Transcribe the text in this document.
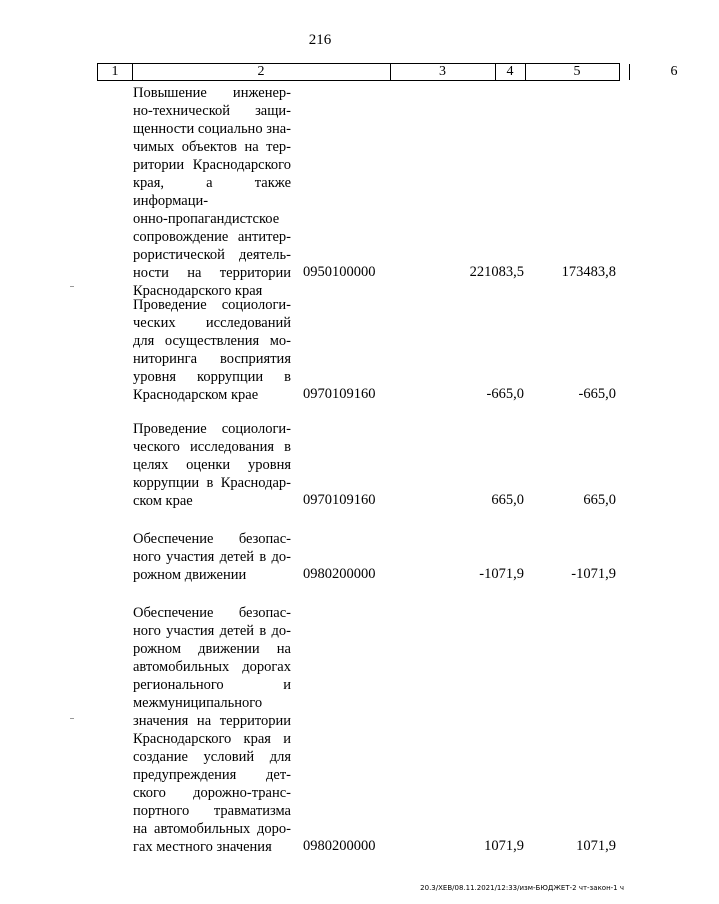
216
1	2	3	4	5	6
Повышение инженер-
но-технической защи-
щенности социально зна-
чимых объектов на тер-
ритории Краснодарского
края, а также информаци-
онно-пропагандистское
сопровождение антитер-
рористической деятель-
ности на территории
Краснодарского края
0950100000	221083,5	173483,8
Проведение социологи-
ческих исследований
для осуществления мо-
ниторинга восприятия
уровня коррупции в
Краснодарском крае	0970109160	-665,0	-665,0
Проведение социологи-
ческого исследования в
целях оценки уровня
коррупции в Краснодар-
ском крае	0970109160	665,0	665,0
Обеспечение безопас-
ного участия детей в до-
рожном движении	0980200000	-1071,9	-1071,9
Обеспечение безопас-
ного участия детей в до-
рожном движении на
автомобильных дорогах
регионального и
межмуниципального
значения на территории
Краснодарского края и
создание условий для
предупреждения дет-
ского дорожно-транс-
портного травматизма
на автомобильных доро-
гах местного значения	0980200000	1071,9	1071,9
20.3/ХЕВ/08.11.2021/12:33/изм-БЮДЖЕТ-2 чт-закон-1 ч
